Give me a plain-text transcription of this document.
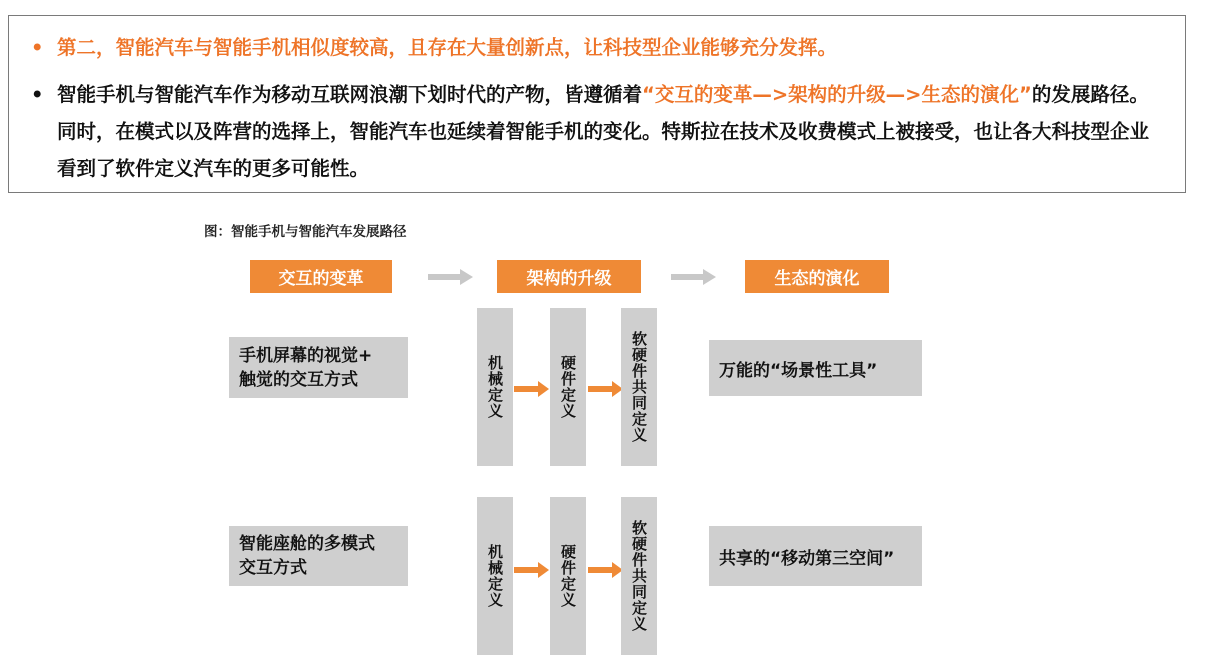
• 第二，智能汽车与智能手机相似度较高，且存在大量创新点，让科技型企业能够充分发挥。
• 智能手机与智能汽车作为移动互联网浪潮下划时代的产物，皆遵循着“交互的变革—>架构的升级—>生态的演化”的发展路径。同时，在模式以及阵营的选择上，智能汽车也延续着智能手机的变化。特斯拉在技术及收费模式上被接受，也让各大科技型企业看到了软件定义汽车的更多可能性。
图：智能手机与智能汽车发展路径
交互的变革	架构的升级	生态的演化
手机屏幕的视觉+
触觉的交互方式	机械定义	硬件定义	软硬件共同定义	万能的“场景性工具”
智能座舱的多模式
交互方式	机械定义	硬件定义	软硬件共同定义	共享的“移动第三空间”
